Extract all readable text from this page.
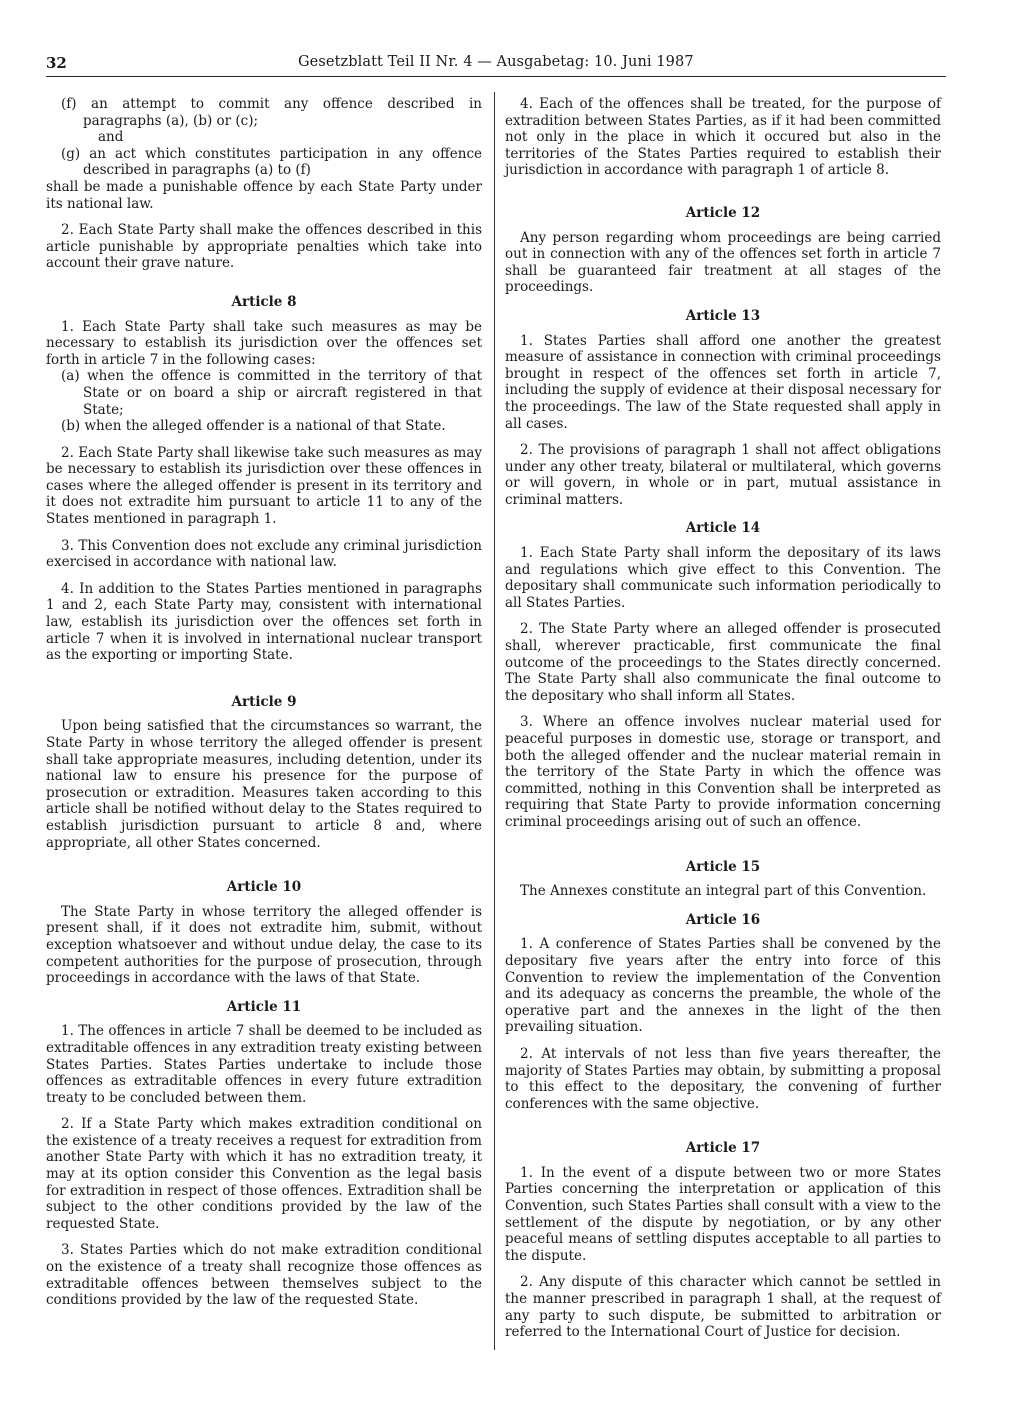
32	Gesetzblatt Teil II Nr. 4 — Ausgabetag: 10. Juni 1987

(f) an attempt to commit any offence described in paragraphs (a), (b) or (c);

and

(g) an act which constitutes participation in any offence described in paragraphs (a) to (f)

shall be made a punishable offence by each State Party under its national law.

2. Each State Party shall make the offences described in this article punishable by appropriate penalties which take into account their grave nature.

Article 8

1. Each State Party shall take such measures as may be necessary to establish its jurisdiction over the offences set forth in article 7 in the following cases:

(a) when the offence is committed in the territory of that State or on board a ship or aircraft registered in that State;

(b) when the alleged offender is a national of that State.

2. Each State Party shall likewise take such measures as may be necessary to establish its jurisdiction over these offences in cases where the alleged offender is present in its territory and it does not extradite him pursuant to article 11 to any of the States mentioned in paragraph 1.

3. This Convention does not exclude any criminal jurisdiction exercised in accordance with national law.

4. In addition to the States Parties mentioned in paragraphs 1 and 2, each State Party may, consistent with international law, establish its jurisdiction over the offences set forth in article 7 when it is involved in international nuclear transport as the exporting or importing State.

Article 9

Upon being satisfied that the circumstances so warrant, the State Party in whose territory the alleged offender is present shall take appropriate measures, including detention, under its national law to ensure his presence for the purpose of prosecution or extradition. Measures taken according to this article shall be notified without delay to the States required to establish jurisdiction pursuant to article 8 and, where appropriate, all other States concerned.

Article 10

The State Party in whose territory the alleged offender is present shall, if it does not extradite him, submit, without exception whatsoever and without undue delay, the case to its competent authorities for the purpose of prosecution, through proceedings in accordance with the laws of that State.

Article 11

1. The offences in article 7 shall be deemed to be included as extraditable offences in any extradition treaty existing between States Parties. States Parties undertake to include those offences as extraditable offences in every future extradition treaty to be concluded between them.

2. If a State Party which makes extradition conditional on the existence of a treaty receives a request for extradition from another State Party with which it has no extradition treaty, it may at its option consider this Convention as the legal basis for extradition in respect of those offences. Extradition shall be subject to the other conditions provided by the law of the requested State.

3. States Parties which do not make extradition conditional on the existence of a treaty shall recognize those offences as extraditable offences between themselves subject to the conditions provided by the law of the requested State.

4. Each of the offences shall be treated, for the purpose of extradition between States Parties, as if it had been committed not only in the place in which it occured but also in the territories of the States Parties required to establish their jurisdiction in accordance with paragraph 1 of article 8.

Article 12

Any person regarding whom proceedings are being carried out in connection with any of the offences set forth in article 7 shall be guaranteed fair treatment at all stages of the proceedings.

Article 13

1. States Parties shall afford one another the greatest measure of assistance in connection with criminal proceedings brought in respect of the offences set forth in article 7, including the supply of evidence at their disposal necessary for the proceedings. The law of the State requested shall apply in all cases.

2. The provisions of paragraph 1 shall not affect obligations under any other treaty, bilateral or multilateral, which governs or will govern, in whole or in part, mutual assistance in criminal matters.

Article 14

1. Each State Party shall inform the depositary of its laws and regulations which give effect to this Convention. The depositary shall communicate such information periodically to all States Parties.

2. The State Party where an alleged offender is prosecuted shall, wherever practicable, first communicate the final outcome of the proceedings to the States directly concerned. The State Party shall also communicate the final outcome to the depositary who shall inform all States.

3. Where an offence involves nuclear material used for peaceful purposes in domestic use, storage or transport, and both the alleged offender and the nuclear material remain in the territory of the State Party in which the offence was committed, nothing in this Convention shall be interpreted as requiring that State Party to provide information concerning criminal proceedings arising out of such an offence.

Article 15

The Annexes constitute an integral part of this Convention.

Article 16

1. A conference of States Parties shall be convened by the depositary five years after the entry into force of this Convention to review the implementation of the Convention and its adequacy as concerns the preamble, the whole of the operative part and the annexes in the light of the then prevailing situation.

2. At intervals of not less than five years thereafter, the majority of States Parties may obtain, by submitting a proposal to this effect to the depositary, the convening of further conferences with the same objective.

Article 17

1. In the event of a dispute between two or more States Parties concerning the interpretation or application of this Convention, such States Parties shall consult with a view to the settlement of the dispute by negotiation, or by any other peaceful means of settling disputes acceptable to all parties to the dispute.

2. Any dispute of this character which cannot be settled in the manner prescribed in paragraph 1 shall, at the request of any party to such dispute, be submitted to arbitration or referred to the International Court of Justice for decision.
